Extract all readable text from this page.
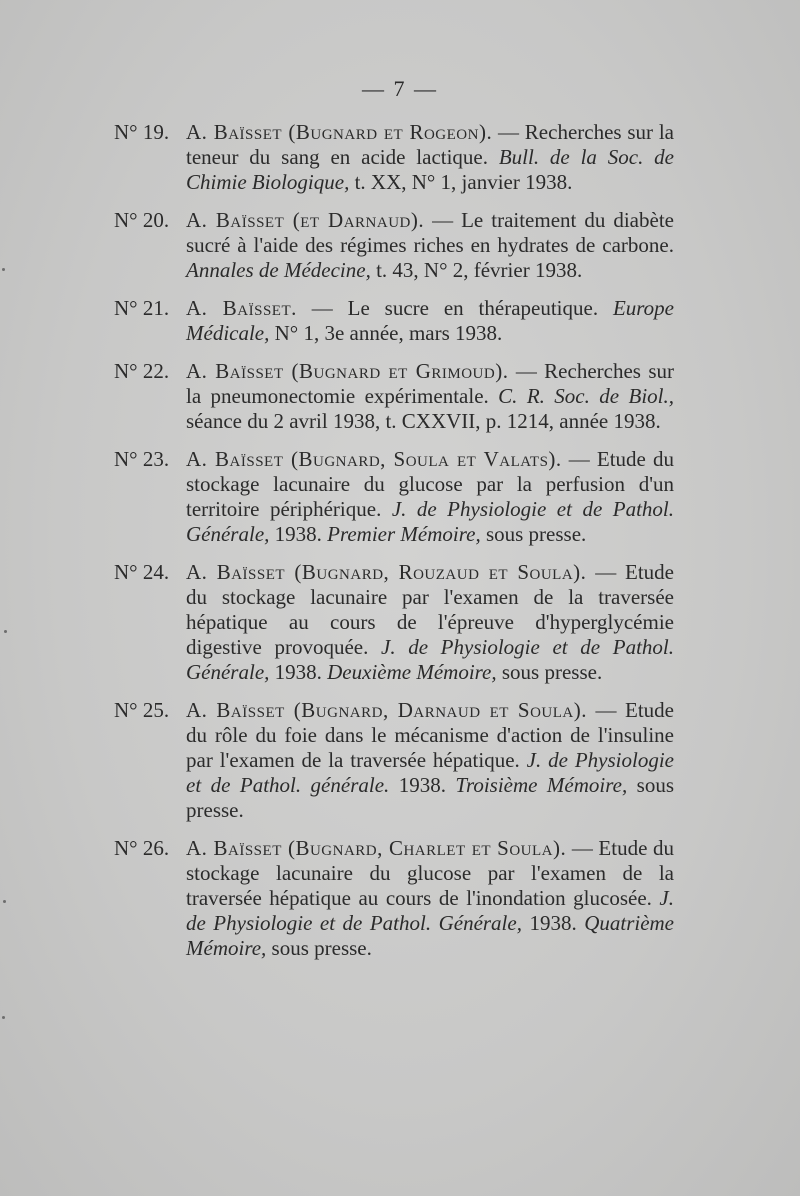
— 7 —
N° 19. A. Baïsset (Bugnard et Rogeon). — Recherches sur la teneur du sang en acide lactique. Bull. de la Soc. de Chimie Biologique, t. XX, N° 1, janvier 1938.
N° 20. A. Baïsset (et Darnaud). — Le traitement du diabète sucré à l'aide des régimes riches en hydrates de carbone. Annales de Médecine, t. 43, N° 2, février 1938.
N° 21. A. Baïsset. — Le sucre en thérapeutique. Europe Médicale, N° 1, 3e année, mars 1938.
N° 22. A. Baïsset (Bugnard et Grimoud). — Recherches sur la pneumonectomie expérimentale. C. R. Soc. de Biol., séance du 2 avril 1938, t. CXXVII, p. 1214, année 1938.
N° 23. A. Baïsset (Bugnard, Soula et Valats). — Etude du stockage lacunaire du glucose par la perfusion d'un territoire périphérique. J. de Physiologie et de Pathol. Générale, 1938. Premier Mémoire, sous presse.
N° 24. A. Baïsset (Bugnard, Rouzaud et Soula). — Etude du stockage lacunaire par l'examen de la traversée hépatique au cours de l'épreuve d'hyperglycémie digestive provoquée. J. de Physiologie et de Pathol. Générale, 1938. Deuxième Mémoire, sous presse.
N° 25. A. Baïsset (Bugnard, Darnaud et Soula). — Etude du rôle du foie dans le mécanisme d'action de l'insuline par l'examen de la traversée hépatique. J. de Physiologie et de Pathol. générale. 1938. Troisième Mémoire, sous presse.
N° 26. A. Baïsset (Bugnard, Charlet et Soula). — Etude du stockage lacunaire du glucose par l'examen de la traversée hépatique au cours de l'inondation glucosée. J. de Physiologie et de Pathol. Générale, 1938. Quatrième Mémoire, sous presse.
